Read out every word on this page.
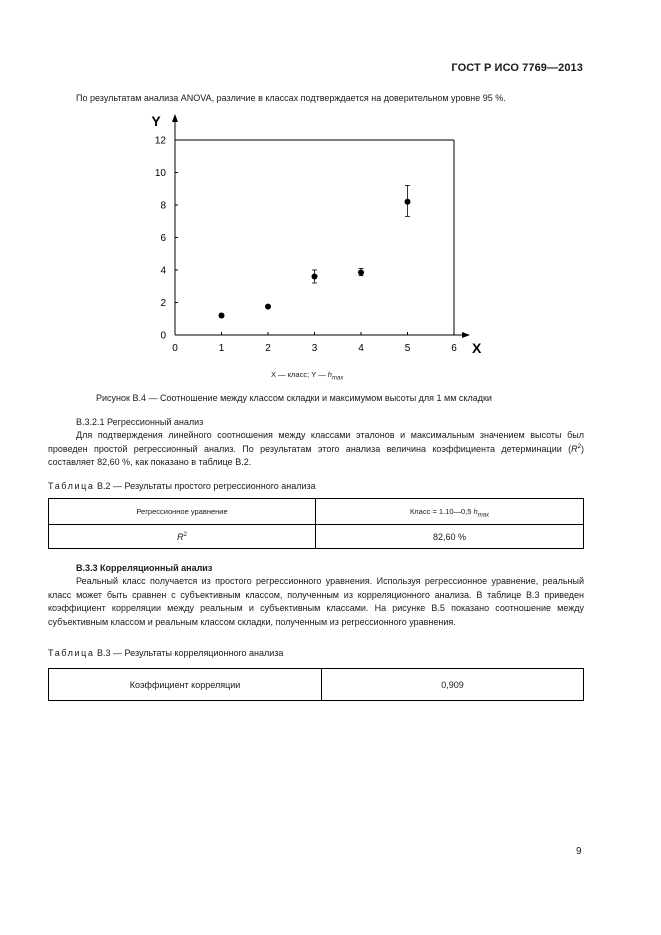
ГОСТ Р ИСО 7769—2013
По результатам анализа ANOVA, различие в классах подтверждается на доверительном уровне 95 %.
Y
X
0
2
4
6
8
10
12
0	1	2	3	4	5	6
X — класс; Y — $h_{max}$
Рисунок В.4 — Соотношение между классом складки и максимумом высоты для 1 мм складки
В.3.2.1 Регрессионный анализ
Для подтверждения линейного соотношения между классами эталонов и максимальным значением высоты был проведен простой регрессионный анализ. По результатам этого анализа величина коэффициента детерминации $(R^2)$ составляет 82,60 %, как показано в таблице В.2.
Таблица В.2 — Результаты простого регрессионного анализа
Регрессионное уравнение	Класс = 1.10—0,5 $h_{max}$
$R^2$	82,60 %
В.3.3 Корреляционный анализ
Реальный класс получается из простого регрессионного уравнения. Используя регрессионное уравнение, реальный класс может быть сравнен с субъективным классом, полученным из корреляционного анализа. В таблице В.3 приведен коэффициент корреляции между реальным и субъективным классами. На рисунке В.5 показано соотношение между субъективным классом и реальным классом складки, полученным из регрессионного уравнения.
Таблица В.3 — Результаты корреляционного анализа
Коэффициент корреляции	0,909
9
